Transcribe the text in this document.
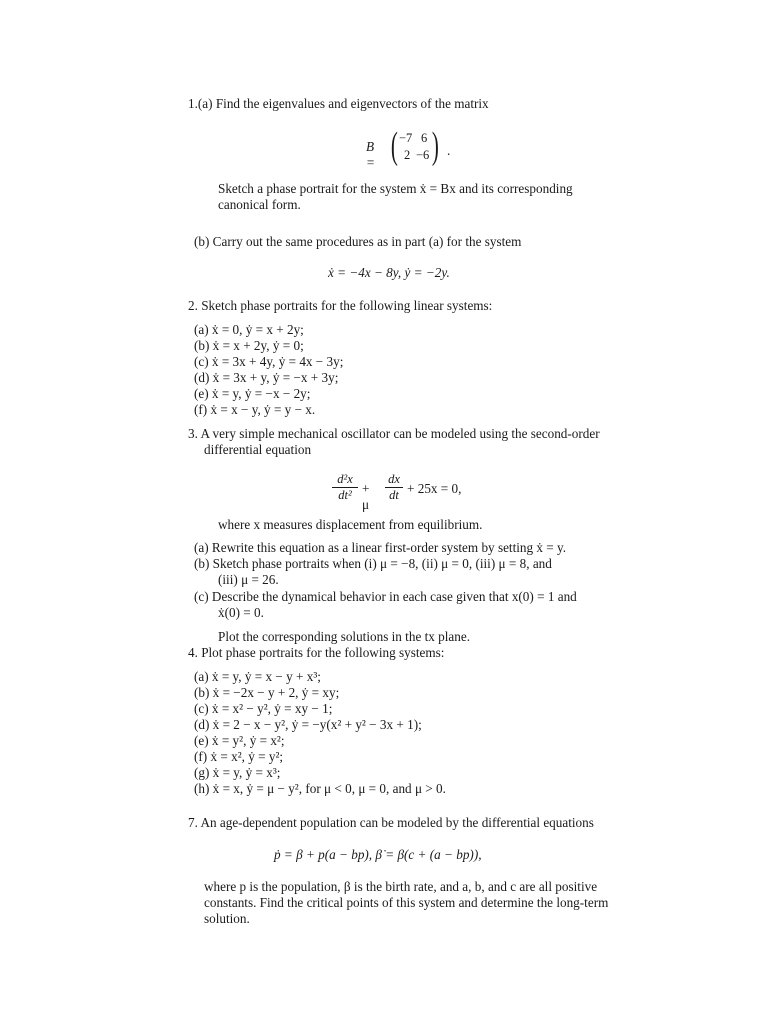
1.(a) Find the eigenvalues and eigenvectors of the matrix
B = ( −7 6
2 −6 ) .
Sketch a phase portrait for the system ẋ = Bx and its corresponding
canonical form.
(b) Carry out the same procedures as in part (a) for the system
ẋ = −4x − 8y, ẏ = −2y.
2. Sketch phase portraits for the following linear systems:
(a) ẋ = 0, ẏ = x + 2y;
(b) ẋ = x + 2y, ẏ = 0;
(c) ẋ = 3x + 4y, ẏ = 4x − 3y;
(d) ẋ = 3x + y, ẏ = −x + 3y;
(e) ẋ = y, ẏ = −x − 2y;
(f) ẋ = x − y, ẏ = y − x.
3. A very simple mechanical oscillator can be modeled using the second-order
differential equation
d²x
dt² + μ
dx
dt + 25x = 0,
where x measures displacement from equilibrium.
(a) Rewrite this equation as a linear first-order system by setting ẋ = y.
(b) Sketch phase portraits when (i) μ = −8, (ii) μ = 0, (iii) μ = 8, and
(iii) μ = 26.
(c) Describe the dynamical behavior in each case given that x(0) = 1 and
ẋ(0) = 0.
Plot the corresponding solutions in the tx plane.
4. Plot phase portraits for the following systems:
(a) ẋ = y, ẏ = x − y + x³;
(b) ẋ = −2x − y + 2, ẏ = xy;
(c) ẋ = x² − y², ẏ = xy − 1;
(d) ẋ = 2 − x − y², ẏ = −y(x² + y² − 3x + 1);
(e) ẋ = y², ẏ = x²;
(f) ẋ = x², ẏ = y²;
(g) ẋ = y, ẏ = x³;
(h) ẋ = x, ẏ = μ − y², for μ < 0, μ = 0, and μ > 0.
7. An age-dependent population can be modeled by the differential equations
ṗ = β + p(a − bp), β̇ = β(c + (a − bp)),
where p is the population, β is the birth rate, and a, b, and c are all positive
constants. Find the critical points of this system and determine the long-term
solution.
